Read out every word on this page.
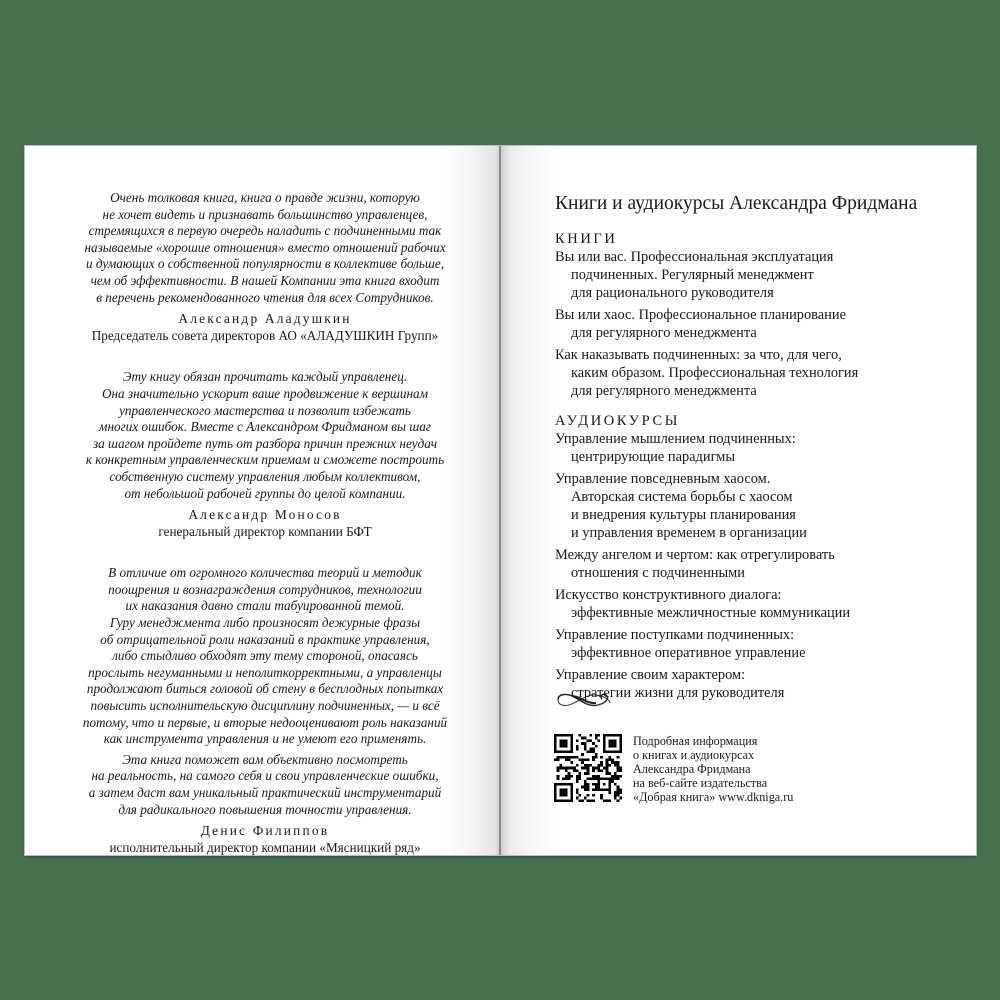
Очень толковая книга, книга о правде жизни, которую
не хочет видеть и признавать большинство управленцев,
стремящихся в первую очередь наладить с подчиненными так
называемые «хорошие отношения» вместо отношений рабочих
и думающих о собственной популярности в коллективе больше,
чем об эффективности. В нашей Компании эта книга входит
в перечень рекомендованного чтения для всех Сотрудников.

Александр Аладушкин

Председатель совета директоров АО «АЛАДУШКИН Групп»

Эту книгу обязан прочитать каждый управленец.
Она значительно ускорит ваше продвижение к вершинам
управленческого мастерства и позволит избежать
многих ошибок. Вместе с Александром Фридманом вы шаг
за шагом пройдете путь от разбора причин прежних неудач
к конкретным управленческим приемам и сможете построить
собственную систему управления любым коллективом,
от небольшой рабочей группы до целой компании.

Александр Моносов

генеральный директор компании БФТ

В отличие от огромного количества теорий и методик
поощрения и вознаграждения сотрудников, технологии
их наказания давно стали табуированной темой.
Гуру менеджмента либо произносят дежурные фразы
об отрицательной роли наказаний в практике управления,
либо стыдливо обходят эту тему стороной, опасаясь
прослыть негуманными и неполиткорректными, а управленцы
продолжают биться головой об стену в бесплодных попытках
повысить исполнительскую дисциплину подчиненных, — и всё
потому, что и первые, и вторые недооценивают роль наказаний
как инструмента управления и не умеют его применять.

Эта книга поможет вам объективно посмотреть
на реальность, на самого себя и свои управленческие ошибки,
а затем даст вам уникальный практический инструментарий
для радикального повышения точности управления.

Денис Филиппов

исполнительный директор компании «Мясницкий ряд»

Книги и аудиокурсы Александра Фридмана

КНИГИ

Вы или вас. Профессиональная эксплуатация
подчиненных. Регулярный менеджмент
для рационального руководителя
Вы или хаос. Профессиональное планирование
для регулярного менеджмента
Как наказывать подчиненных: за что, для чего,
каким образом. Профессиональная технология
для регулярного менеджмента

АУДИОКУРСЫ

Управление мышлением подчиненных:
центрирующие парадигмы
Управление повседневным хаосом.
Авторская система борьбы с хаосом
и внедрения культуры планирования
и управления временем в организации
Между ангелом и чертом: как отрегулировать
отношения с подчиненными
Искусство конструктивного диалога:
эффективные межличностные коммуникации
Управление поступками подчиненных:
эффективное оперативное управление
Управление своим характером:
стратегии жизни для руководителя

Подробная информация

о книгах и аудиокурсах

Александра Фридмана

на веб-сайте издательства

«Добрая книга» www.dkniga.ru
